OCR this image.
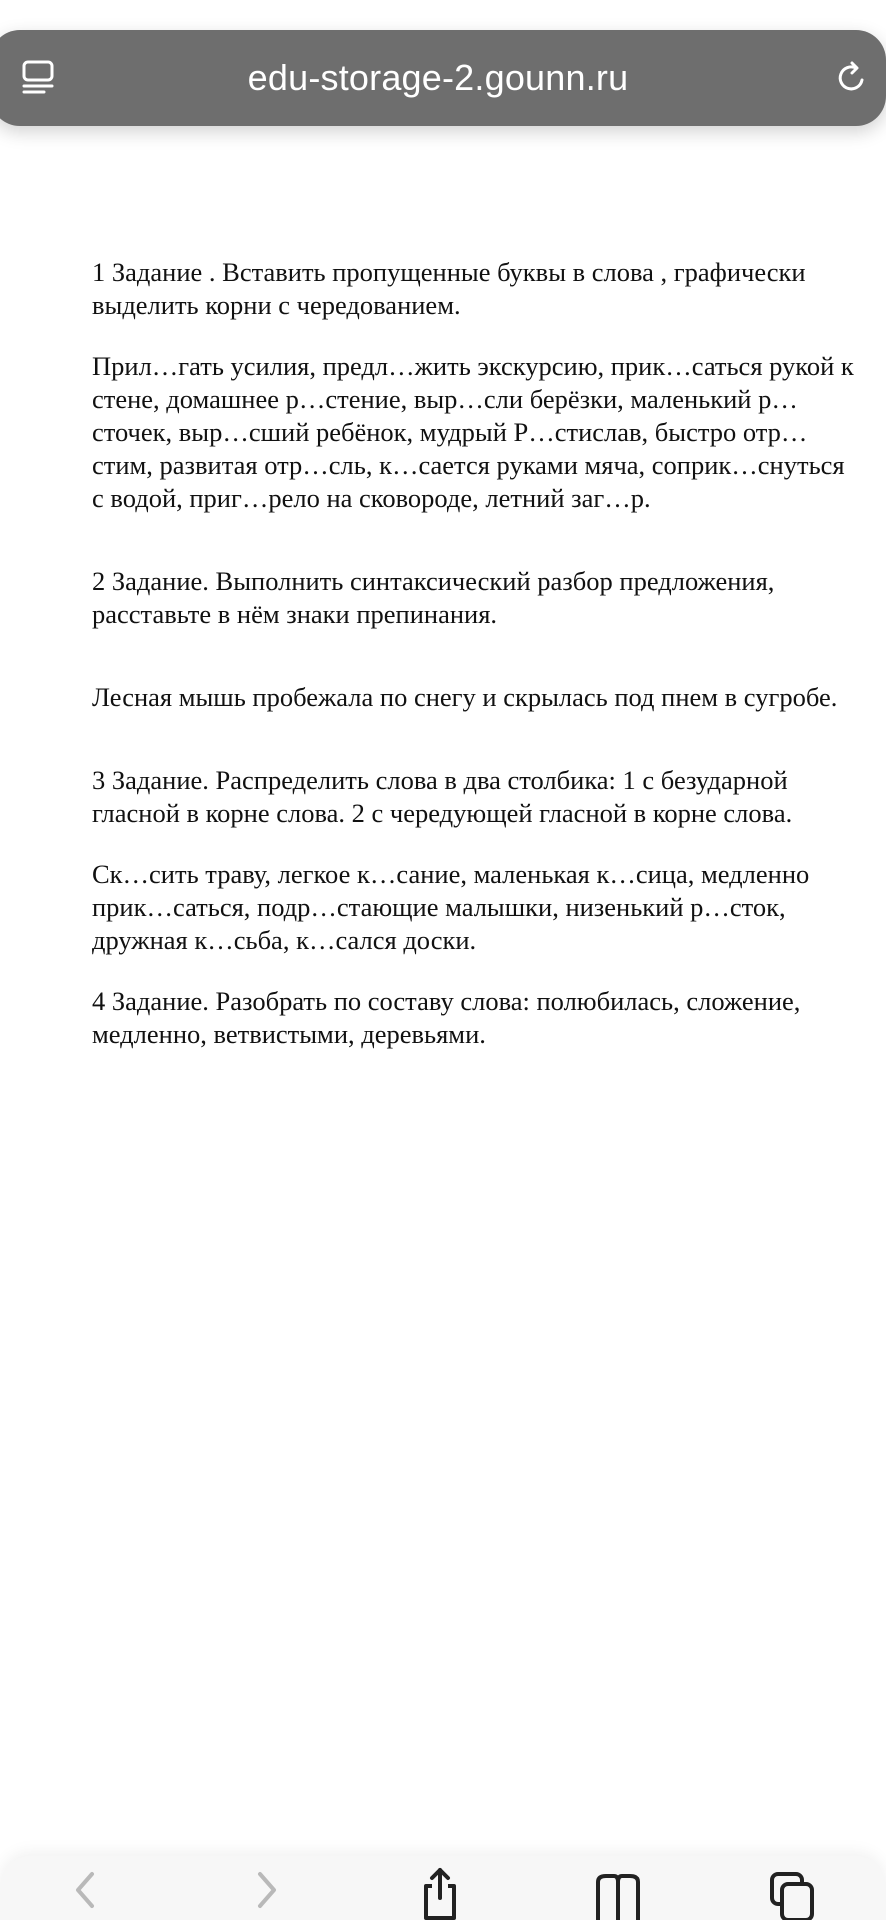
edu-storage-2.gounn.ru

1 Задание . Вставить пропущенные буквы в слова , графически выделить корни с чередованием.

Прил…гать усилия, предл…жить экскурсию, прик…саться рукой к стене, домашнее р…стение, выр…сли берёзки, маленький р…сточек, выр…сший ребёнок, мудрый Р…стислав, быстро отр…стим, развитая отр…сль, к…сается руками мяча, соприк…снуться с водой, приг…рело на сковороде, летний заг…р.

2 Задание. Выполнить синтаксический разбор предложения, расставьте в нём знаки препинания.

Лесная мышь пробежала по снегу и скрылась под пнем в сугробе.

3 Задание. Распределить слова в два столбика: 1 с безударной гласной в корне слова. 2 с чередующей гласной в корне слова.

Ск…сить траву, легкое к…сание, маленькая к…сица, медленно прик…саться, подр…стающие малышки, низенький р…сток, дружная к…сьба, к…сался доски.

4 Задание. Разобрать по составу слова: полюбилась, сложение, медленно, ветвистыми, деревьями.
